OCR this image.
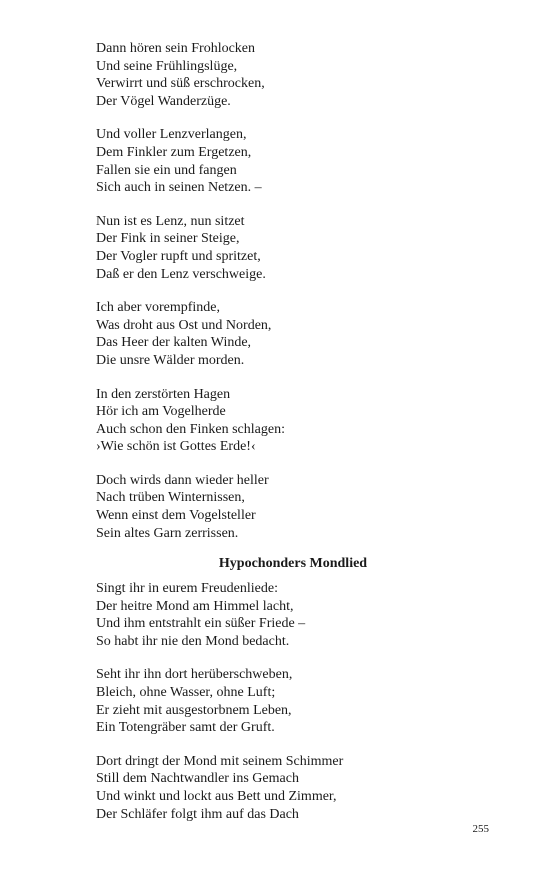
Dann hören sein Frohlocken
Und seine Frühlingslüge,
Verwirrt und süß erschrocken,
Der Vögel Wanderzüge.
Und voller Lenzverlangen,
Dem Finkler zum Ergetzen,
Fallen sie ein und fangen
Sich auch in seinen Netzen. –
Nun ist es Lenz, nun sitzet
Der Fink in seiner Steige,
Der Vogler rupft und spritzet,
Daß er den Lenz verschweige.
Ich aber vorempfinde,
Was droht aus Ost und Norden,
Das Heer der kalten Winde,
Die unsre Wälder morden.
In den zerstörten Hagen
Hör ich am Vogelherde
Auch schon den Finken schlagen:
›Wie schön ist Gottes Erde!‹
Doch wirds dann wieder heller
Nach trüben Winternissen,
Wenn einst dem Vogelsteller
Sein altes Garn zerrissen.
Hypochonders Mondlied
Singt ihr in eurem Freudenliede:
Der heitre Mond am Himmel lacht,
Und ihm entstrahlt ein süßer Friede –
So habt ihr nie den Mond bedacht.
Seht ihr ihn dort herüberschweben,
Bleich, ohne Wasser, ohne Luft;
Er zieht mit ausgestorbnem Leben,
Ein Totengräber samt der Gruft.
Dort dringt der Mond mit seinem Schimmer
Still dem Nachtwandler ins Gemach
Und winkt und lockt aus Bett und Zimmer,
Der Schläfer folgt ihm auf das Dach
255
